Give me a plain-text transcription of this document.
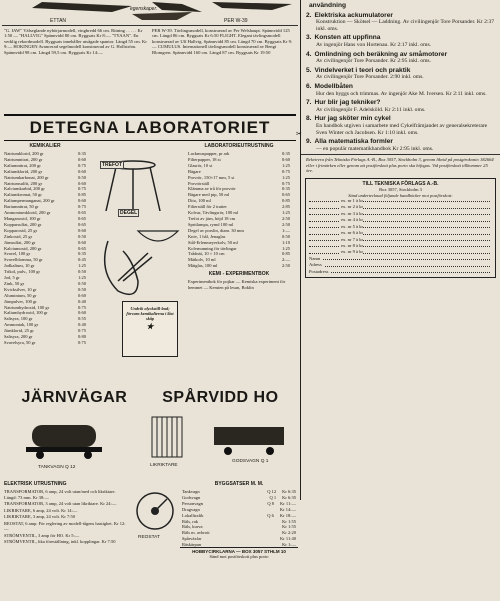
ETTAN
egenskaper.
PER W-39
"G. IAW" Välseglande nybörjarmodell, vingbredd 66 cm. Ritning . . . . . Kr 1:50 — "HALLVIG" Spännvidd 80 cm. Byggsats Kr 8:— "TYAAN". En verklig rekordmodell. Byggsats innehåller utsågade spantor. Längd 55 cm. Kr 9:— HOKINGEN Avancerad segelmodell konstruerad av G. Hollström. Spännvidd 98 cm. Längd 59,5 cm. Byggsats Kr 14:—
PER W-39. Tävlingsmodell, konstruerad av Per Welshaupt. Spännvidd 125 cm. Längd 86 cm. Byggsats Kr 6:50 FLIGHT. Elegant tävlingsmodell konstruerad av Ulf Hallvig. Spännvidd 85 cm. Längd 70 cm. Byggsats Kr 9:— CUMULUS. Internationell tävlingsmodell konstruerad av Bengt Blomgren. Spännvidd 160 cm. Längd 87 cm. Byggsats Kr 19:50
DETEGNA LABORATORIET
KEMIKALIER
Natriumklorid, 200 gr	0:35
Natriumnitrat, 200 gr	0:60
Kaliumnitrat, 200 gr	0:75
Kaliumklorid, 200 gr	0:60
Natriumkarbonat, 200 gr	0:50
Natriumsulfit, 200 gr	0:60
Kalciumkarbid, 200 gr	0:75
Kaliumkromat, 50 gr	0:85
Kaliumpermanganat, 200 gr	0:60
Bariumnitrat, 50 gr	0:75
Ammoniumklorid, 200 gr	0:65
Manganoxid, 100 gr	0:65
Kopparsulfat, 200 gr	0:65
Kopparoxid, 25 gr	0:60
Zinkoxid, 25 gr	0:50
Järnsulfat, 200 gr	0:60
Kalciumoxid, 200 gr	0:65
Svavel, 100 gr	0:35
Svavelblomma, 50 gr	0:45
Jodkalium, 10 gr	1:25
Trikol, pulv., 100 gr	0:50
Jod, 5 gr	1:25
Zink, 50 gr	0:50
Kvicksilver, 10 gr	0:50
Aluminium, 50 gr	0:60
Järnpulver, 100 gr	0:40
Natriumhydroxid, 100 gr	0:75
Kaliumhydroxid, 100 gr	0:60
Saltsyra, 100 gr	0:55
Ammoniak, 100 gr	0:40
Järnklorid, 25 gr	0:75
Saltsyra, 200 gr	0:80
Svavelsyra, 50 gr	0:75
TREFOT
DEGEL
Undvik olyckstill-bud; förvara kemikalierna i låst skåp
★
LABORATORIEUTRUSTNING
Lackmuspapper, pr ark	0:35
Filterpapper, 18 st	0:60
Glasrör, 10 st	1:25
Bägare	0:75
Provrör, 150×17 mm, 5 st	1:25
Provrörställ	0:75
Klämma av trå för provrör	0:35
Bägare med pip, 50 ml	0:65
Dito, 100 ml	0:85
Filterställ för 2 tratter	2:85
Kolvar, Tävlingsrör, 100 ml	1:25
Trefot av järn, höjd 18 cm	2:50
Spritlampa, rymd 100 ml	2:50
Degel av porslin, diam. 30 mm	1:—
Kniv, 1 hål, Jenaglas	0:50
Stål-Erlenmeyerkolv, 50 ml	1:10
Kolvmunning för tävlingar	1:25
Trådnät, 10 × 10 cm	0:85
Mätkolv, 10 ml	2:—
Mätglas, 100 ml	2:50
KEMI - EXPERIMENTBOK
Experimentbok för pojkar — Kemiska experiment för hemmet — Kemien på lesan, Boklin
JÄRNVÄGAR SPÅRVIDD HO
TANKVAGN Q 12	LIKRIKTARE
GODSVAGN Q 1
ELEKTRISK UTRUSTNING

TRANSFORMATOR, 6 amp, 24 volt utan/med och likriktare. Längd: 73 mm. Kr 38:—

TRANSFORMATOR, 3 amp, 24 volt utan likriktare. Kr 24:—

LIKRIKTARE, 6 amp, 24 volt. Kr 14:—

LIKRIKTARE, 3 amp, 24 volt. Kr 7:50

REOSTAT, 6 amp. För reglering av modell-tågens hastighet. Kr 12:—

STRÖMVENTIL, 3 amp för HO. Kr 5:—

STRÖMVENTIL, lika föreställning, inkl. kopplingar. Kr 7:50

REOSTAT
BYGGSATSER M. M.
Tankvagn	Q 12 Kr 6:35
Godsvagn	Q 1 Kr 6:35
Personvagn	Q 8 Kr 11:—
Dragvagn	Kr 14:—
Lokalltrafik	Q 6 Kr 18:—
Räls, rak	Kr 1:55
Räls, kurva	Kr 1:55
Räls m. avbrott	Kr 2:20
Spårväxlar	Kr 11:40
Räskärpan	Kr 1:—
HOBBYCIRKLARNA — BOX 3057 STHLM 10
Sänd mot postförskott plus porto
användning
2. Elektriska ackumulatorer
Konstruktion — Skötsel — Laddning. Av civilingenjör Tore Porsander. Kr 2:37 inkl. oms.
3. Konsten att uppfinna
Av ingenjör Hans von Hortenau. Kr 2:17 inkl. oms.
4. Omlindning och beräkning av småmotorer
Av civilingenjör Tore Porsander. Kr 2:95 inkl. oms.
5. Vindelverket i teori och praktik
Av civilingenjör Tore Porsander. 2:90 inkl. oms.
6. Modellbåten
Hur den byggs och trimmas. Av ingenjör Ake M. Iversen. Kr 2:11 inkl. oms.
7. Hur blir jag tekniker?
Av civilingenjör F. Adelsköld. Kr 2:11 inkl. oms.
8. Hur jag sköter min cykel
En handbok utgiven i samarbete med Cykelfrämjandet av generalsekreterare Sven Winter och Jacobsen. Kr 1:10 inkl. oms.
9. Alla matematiska formler
— en populär matematikhandbok Kr 2:95 inkl. oms.
Rekvirera från Tekniska Förlags A.-B., Box 3057, Stockholm 3, genom likvid på postgirokonto 182664 eller i frimärken eller genom att postförskott plus porto ska bifogas. Vid postförskott tillkommer 25 öre.
TILL TEKNISKA FÖRLAGS A.-B.
Box 3057, Stockholm 3
Sänd undertecknad följande handböcker mot postförskott:
ex. nr 1 à kr
ex. nr 2 à kr
ex. nr 3 à kr
ex. nr 4 à kr
ex. nr 5 à kr
ex. nr 6 à kr
ex. nr 7 à kr
ex. nr 8 à kr
ex. nr 9 à kr
Namn
Adress
Postadress
✂
